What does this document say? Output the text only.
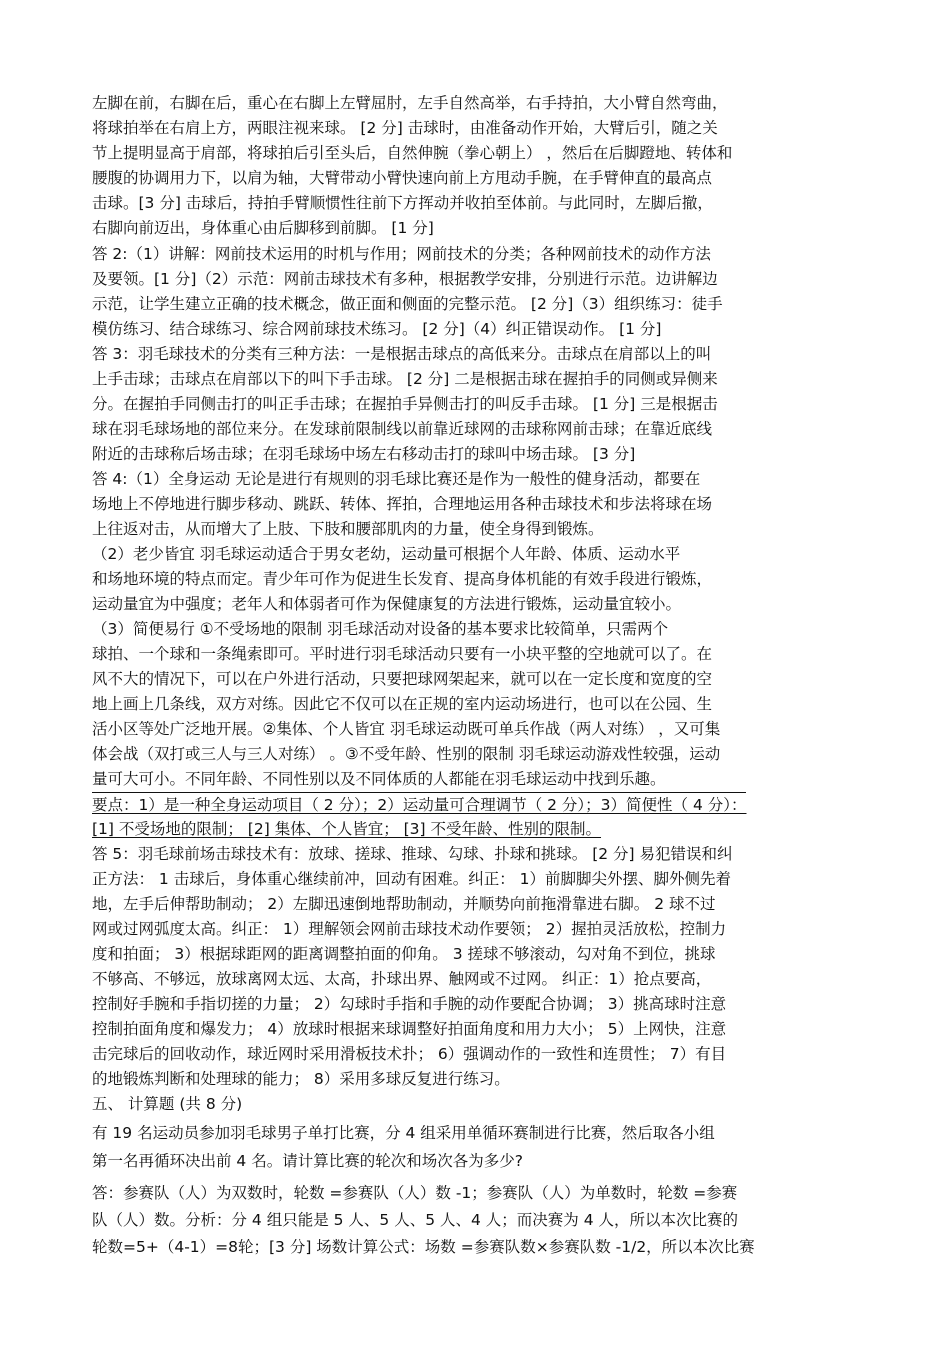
左脚在前，右脚在后，重心在右脚上左臂屈肘，左手自然高举，右手持拍，大小臂自然弯曲，
将球拍举在右肩上方，两眼注视来球。 [2 分] 击球时，由准备动作开始，大臂后引，随之关
节上提明显高于肩部，将球拍后引至头后，自然伸腕（拳心朝上） ，然后在后脚蹬地、转体和
腰腹的协调用力下，以肩为轴，大臂带动小臂快速向前上方甩动手腕，在手臂伸直的最高点
击球。[3 分] 击球后，持拍手臂顺惯性往前下方挥动并收拍至体前。与此同时，左脚后撤，
右脚向前迈出，身体重心由后脚移到前脚。 [1 分]
答 2:（1）讲解：网前技术运用的时机与作用；网前技术的分类；各种网前技术的动作方法
及要领。[1 分]（2）示范：网前击球技术有多种，根据教学安排，分别进行示范。边讲解边
示范，让学生建立正确的技术概念，做正面和侧面的完整示范。 [2 分]（3）组织练习：徒手
模仿练习、结合球练习、综合网前球技术练习。 [2 分]（4）纠正错误动作。 [1 分]
答 3：羽毛球技术的分类有三种方法：一是根据击球点的高低来分。击球点在肩部以上的叫
上手击球；击球点在肩部以下的叫下手击球。 [2 分] 二是根据击球在握拍手的同侧或异侧来
分。在握拍手同侧击打的叫正手击球；在握拍手异侧击打的叫反手击球。 [1 分] 三是根据击
球在羽毛球场地的部位来分。在发球前限制线以前靠近球网的击球称网前击球；在靠近底线
附近的击球称后场击球；在羽毛球场中场左右移动击打的球叫中场击球。 [3 分]
答 4:（1）全身运动 无论是进行有规则的羽毛球比赛还是作为一般性的健身活动，都要在
场地上不停地进行脚步移动、跳跃、转体、挥拍，合理地运用各种击球技术和步法将球在场
上往返对击，从而增大了上肢、下肢和腰部肌肉的力量，使全身得到锻炼。
（2）老少皆宜 羽毛球运动适合于男女老幼，运动量可根据个人年龄、体质、运动水平
和场地环境的特点而定。青少年可作为促进生长发育、提高身体机能的有效手段进行锻炼，
运动量宜为中强度；老年人和体弱者可作为保健康复的方法进行锻炼，运动量宜较小。
（3）简便易行 ①不受场地的限制 羽毛球活动对设备的基本要求比较简单，只需两个
球拍、一个球和一条绳索即可。平时进行羽毛球活动只要有一小块平整的空地就可以了。在
风不大的情况下，可以在户外进行活动，只要把球网架起来，就可以在一定长度和宽度的空
地上画上几条线，双方对练。因此它不仅可以在正规的室内运动场进行，也可以在公园、生
活小区等处广泛地开展。②集体、个人皆宜 羽毛球运动既可单兵作战（两人对练） ，又可集
体会战（双打或三人与三人对练） 。③不受年龄、性别的限制 羽毛球运动游戏性较强，运动
量可大可小。不同年龄、不同性别以及不同体质的人都能在羽毛球运动中找到乐趣。
要点：1）是一种全身运动项目（ 2 分）；2）运动量可合理调节（ 2 分）；3）简便性（ 4 分）：
[1] 不受场地的限制； [2] 集体、个人皆宜； [3] 不受年龄、性别的限制。
答 5：羽毛球前场击球技术有：放球、搓球、推球、勾球、扑球和挑球。 [2 分] 易犯错误和纠
正方法： 1 击球后，身体重心继续前冲，回动有困难。纠正： 1）前脚脚尖外摆、脚外侧先着
地，左手后伸帮助制动； 2）左脚迅速倒地帮助制动，并顺势向前拖滑靠进右脚。 2 球不过
网或过网弧度太高。纠正： 1）理解领会网前击球技术动作要领； 2）握拍灵活放松，控制力
度和拍面； 3）根据球距网的距离调整拍面的仰角。 3 搓球不够滚动，勾对角不到位，挑球
不够高、不够远，放球离网太远、太高，扑球出界、触网或不过网。 纠正：1）抢点要高，
控制好手腕和手指切搓的力量； 2）勾球时手指和手腕的动作要配合协调； 3）挑高球时注意
控制拍面角度和爆发力； 4）放球时根据来球调整好拍面角度和用力大小； 5）上网快，注意
击完球后的回收动作，球近网时采用滑板技术扑； 6）强调动作的一致性和连贯性； 7）有目
的地锻炼判断和处理球的能力； 8）采用多球反复进行练习。
五、 计算题 (共 8 分)
有 19 名运动员参加羽毛球男子单打比赛，分 4 组采用单循环赛制进行比赛，然后取各小组
第一名再循环决出前 4 名。请计算比赛的轮次和场次各为多少?
答：参赛队（人）为双数时，轮数 =参赛队（人）数 -1；参赛队（人）为单数时，轮数 =参赛
队（人）数。分析：分 4 组只能是 5 人、5 人、5 人、4 人；而决赛为 4 人，所以本次比赛的
轮数=5+（4-1）=8轮；[3 分] 场数计算公式：场数 =参赛队数×参赛队数 -1/2，所以本次比赛
